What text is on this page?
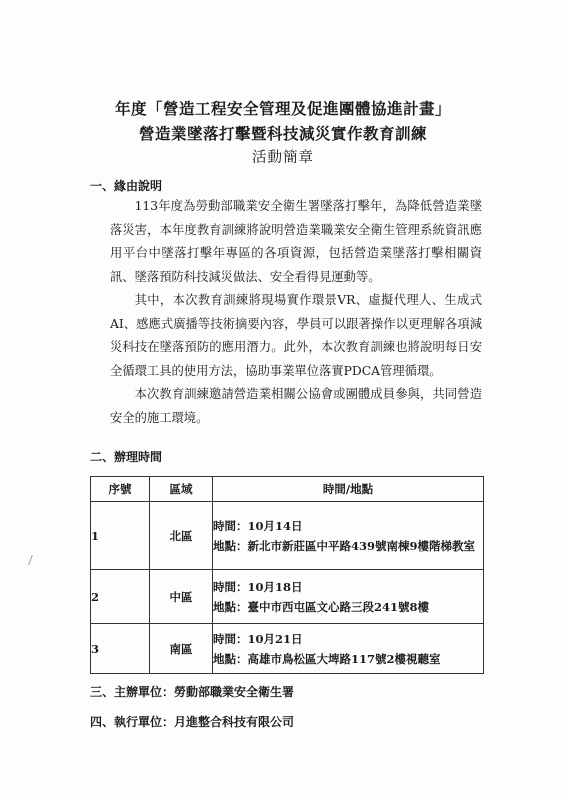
年度「營造工程安全管理及促進團體協進計畫」
營造業墜落打擊暨科技減災實作教育訓練
活動簡章
一、緣由說明

113年度為勞動部職業安全衛生署墜落打擊年，為降低營造業墜落災害，本年度教育訓練將說明營造業職業安全衛生管理系統資訊應用平台中墜落打擊年專區的各項資源，包括營造業墜落打擊相關資訊、墜落預防科技減災做法、安全看得見運動等。

其中，本次教育訓練將現場實作環景VR、虛擬代理人、生成式AI、感應式廣播等技術摘要內容，學員可以跟著操作以更理解各項減災科技在墜落預防的應用潛力。此外，本次教育訓練也將說明每日安全循環工具的使用方法，協助事業單位落實PDCA管理循環。

本次教育訓練邀請營造業相關公協會或團體成員參與，共同營造安全的施工環境。

二、辦理時間
序號	區域	時間/地點
1	北區	時間：10月14日
地點：新北市新莊區中平路439號南棟9樓階梯教室

2	中區	時間：10月18日
地點：臺中市西屯區文心路三段241號8樓

3	南區	時間：10月21日
地點：高雄市鳥松區大埤路117號2樓視聽室
三、主辦單位：勞動部職業安全衛生署
四、執行單位：月進整合科技有限公司
